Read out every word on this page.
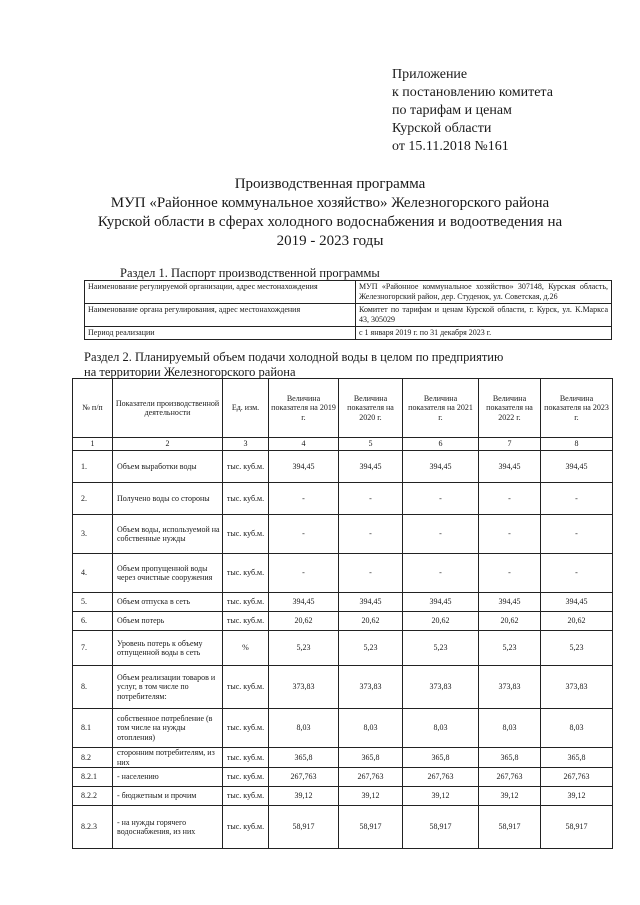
Приложение
к постановлению комитета
по тарифам и ценам
Курской области
от 15.11.2018 №161
Производственная программа
МУП «Районное коммунальное хозяйство» Железногорского района
Курской области в сферах холодного водоснабжения и водоотведения на
2019 - 2023 годы
Раздел 1. Паспорт производственной программы
Наименование регулируемой организации, адрес местонахождения	МУП «Районное коммунальное хозяйство» 307148, Курская область, Железногорский район, дер. Студенок, ул. Советская, д.26
Наименование органа регулирования, адрес местонахождения	Комитет по тарифам и ценам Курской области, г. Курск, ул. К.Маркса 43, 305029
Период реализации	с 1 января 2019 г. по 31 декабря 2023 г.
Раздел 2. Планируемый объем подачи холодной воды в целом по предприятию
на территории Железногорского района
№ п/п	Показатели производственной деятельности	Ед. изм.	Величина показателя на 2019 г.	Величина показателя на 2020 г.	Величина показателя на 2021 г.	Величина показателя на 2022 г.	Величина показателя на 2023 г.
1	2	3	4	5	6	7	8
1.	Объем выработки воды	тыс. куб.м.	394,45	394,45	394,45	394,45	394,45
2.	Получено воды со стороны	тыс. куб.м.	-	-	-	-	-
3.	Объем воды, используемой на собственные нужды	тыс. куб.м.	-	-	-	-	-
4.	Объем пропущенной воды через очистные сооружения	тыс. куб.м.	-	-	-	-	-
5.	Объем отпуска в сеть	тыс. куб.м.	394,45	394,45	394,45	394,45	394,45
6.	Объем потерь	тыс. куб.м.	20,62	20,62	20,62	20,62	20,62
7.	Уровень потерь к объему отпущенной воды в сеть	%	5,23	5,23	5,23	5,23	5,23
8.	Объем реализации товаров и услуг, в том числе по потребителям:	тыс. куб.м.	373,83	373,83	373,83	373,83	373,83
8.1	собственное потребление (в том числе на нужды отопления)	тыс. куб.м.	8,03	8,03	8,03	8,03	8,03
8.2	сторонним потребителям, из них	тыс. куб.м.	365,8	365,8	365,8	365,8	365,8
8.2.1	- населению	тыс. куб.м.	267,763	267,763	267,763	267,763	267,763
8.2.2	- бюджетным и прочим	тыс. куб.м.	39,12	39,12	39,12	39,12	39,12
8.2.3	- на нужды горячего водоснабжения, из них	тыс. куб.м.	58,917	58,917	58,917	58,917	58,917
